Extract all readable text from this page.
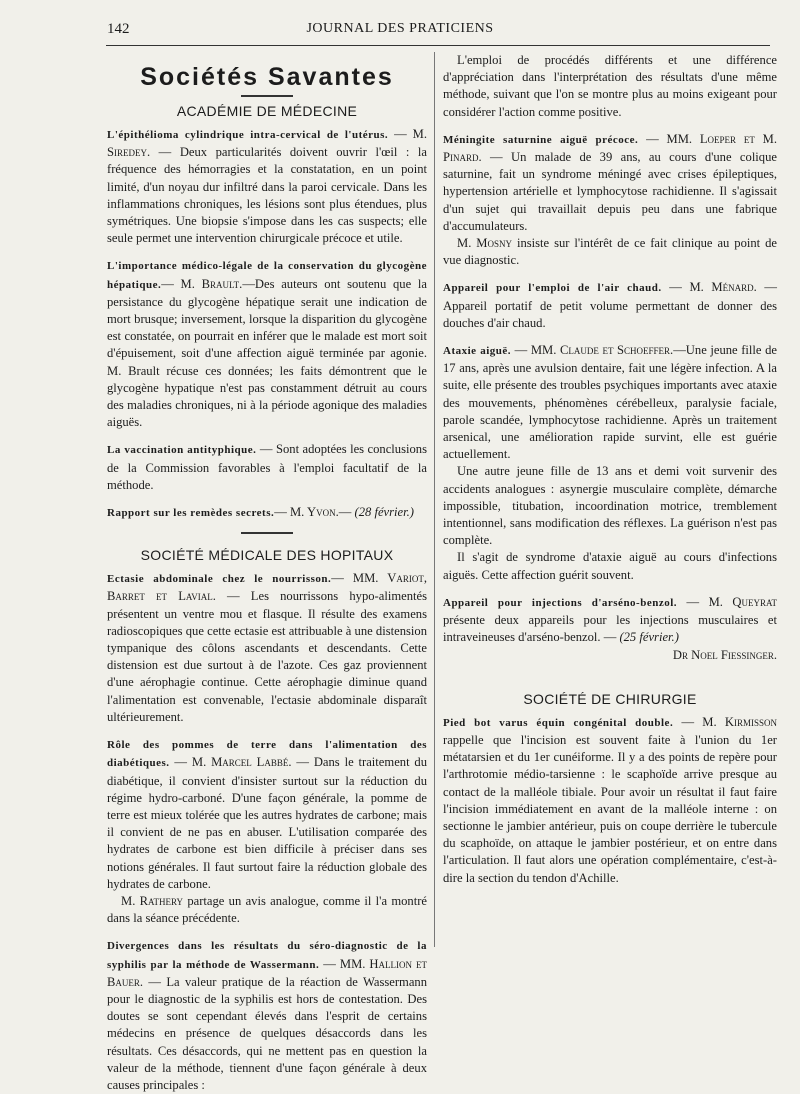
142	JOURNAL DES PRATICIENS
Sociétés Savantes
ACADÉMIE DE MÉDECINE

L'épithélioma cylindrique intra-cervical de l'utérus. — M. Siredey. — Deux particularités doivent ouvrir l'œil : la fréquence des hémorragies et la constatation, en un point limité, d'un noyau dur infiltré dans la paroi cervicale. Dans les inflammations chroniques, les lésions sont plus étendues, plus symétriques. Une biopsie s'impose dans les cas suspects; elle seule permet une intervention chirurgicale précoce et utile.

L'importance médico-légale de la conservation du glycogène hépatique.— M. Brault.—Des auteurs ont soutenu que la persistance du glycogène hépatique serait une indication de mort brusque; inversement, lorsque la disparition du glycogène est constatée, on pourrait en inférer que le malade est mort soit d'épuisement, soit d'une affection aiguë terminée par agonie. M. Brault récuse ces données; les faits démontrent que le glycogène hypatique n'est pas constamment détruit au cours des maladies chroniques, ni à la période agonique des maladies aiguës.

La vaccination antityphique. — Sont adoptées les conclusions de la Commission favorables à l'emploi facultatif de la méthode.

Rapport sur les remèdes secrets.— M. Yvon.— (28 février.)

SOCIÉTÉ MÉDICALE DES HOPITAUX

Ectasie abdominale chez le nourrisson.— MM. Variot, Barret et Lavial. — Les nourrissons hypo-alimentés présentent un ventre mou et flasque. Il résulte des examens radioscopiques que cette ectasie est attribuable à une distension tympanique des côlons ascendants et descendants. Cette distension est due surtout à de l'azote. Ces gaz proviennent d'une aérophagie continue. Cette aérophagie diminue quand l'alimentation est convenable, l'ectasie abdominale disparaît ultérieurement.

Rôle des pommes de terre dans l'alimentation des diabétiques. — M. Marcel Labbé. — Dans le traitement du diabétique, il convient d'insister surtout sur la réduction du régime hydro-carboné. D'une façon générale, la pomme de terre est mieux tolérée que les autres hydrates de carbone; mais il convient de ne pas en abuser. L'utilisation comparée des hydrates de carbone est bien difficile à préciser dans ses notions générales. Il faut surtout faire la réduction globale des hydrates de carbone.

M. Rathery partage un avis analogue, comme il l'a montré dans la séance précédente.

Divergences dans les résultats du séro-diagnostic de la syphilis par la méthode de Wassermann. — MM. Hallion et Bauer. — La valeur pratique de la réaction de Wassermann pour le diagnostic de la syphilis est hors de contestation. Des doutes se sont cependant élevés dans l'esprit de certains médecins en présence de quelques désaccords dans les résultats. Ces désaccords, qui ne mettent pas en question la valeur de la méthode, tiennent d'une façon générale à deux causes principales :

L'emploi de procédés différents et une différence d'appréciation dans l'interprétation des résultats d'une même méthode, suivant que l'on se montre plus au moins exigeant pour considérer l'action comme positive.

Méningite saturnine aiguë précoce. — MM. Loeper et M. Pinard. — Un malade de 39 ans, au cours d'une colique saturnine, fait un syndrome méningé avec crises épileptiques, hypertension artérielle et lymphocytose rachidienne. Il s'agissait d'un sujet qui travaillait depuis peu dans une fabrique d'accumulateurs.

M. Mosny insiste sur l'intérêt de ce fait clinique au point de vue diagnostic.

Appareil pour l'emploi de l'air chaud. — M. Ménard. — Appareil portatif de petit volume permettant de donner des douches d'air chaud.

Ataxie aiguë. — MM. Claude et Schoeffer.—Une jeune fille de 17 ans, après une avulsion dentaire, fait une légère infection. A la suite, elle présente des troubles psychiques importants avec ataxie des mouvements, phénomènes cérébelleux, paralysie faciale, parole scandée, lymphocytose rachidienne. Après un traitement arsenical, une amélioration rapide survint, elle est guérie actuellement.

Une autre jeune fille de 13 ans et demi voit survenir des accidents analogues : asynergie musculaire complète, démarche impossible, titubation, incoordination motrice, tremblement intentionnel, sans modification des réflexes. La guérison n'est pas complète.

Il s'agit de syndrome d'ataxie aiguë au cours d'infections aiguës. Cette affection guérit souvent.

Appareil pour injections d'arséno-benzol. — M. Queyrat présente deux appareils pour les injections musculaires et intraveineuses d'arséno-benzol. — (25 février.)

Dr Noel Fiessinger.

SOCIÉTÉ DE CHIRURGIE

Pied bot varus équin congénital double. — M. Kirmisson rappelle que l'incision est souvent faite à l'union du 1er métatarsien et du 1er cunéiforme. Il y a des points de repère pour l'arthrotomie médio-tarsienne : le scaphoïde arrive presque au contact de la malléole tibiale. Pour avoir un résultat il faut faire l'incision immédiatement en avant de la malléole interne : on sectionne le jambier antérieur, puis on coupe derrière le tubercule du scaphoïde, on attaque le jambier postérieur, et on entre dans l'articulation. Il faut alors une opération complémentaire, c'est-à-dire la section du tendon d'Achille.
